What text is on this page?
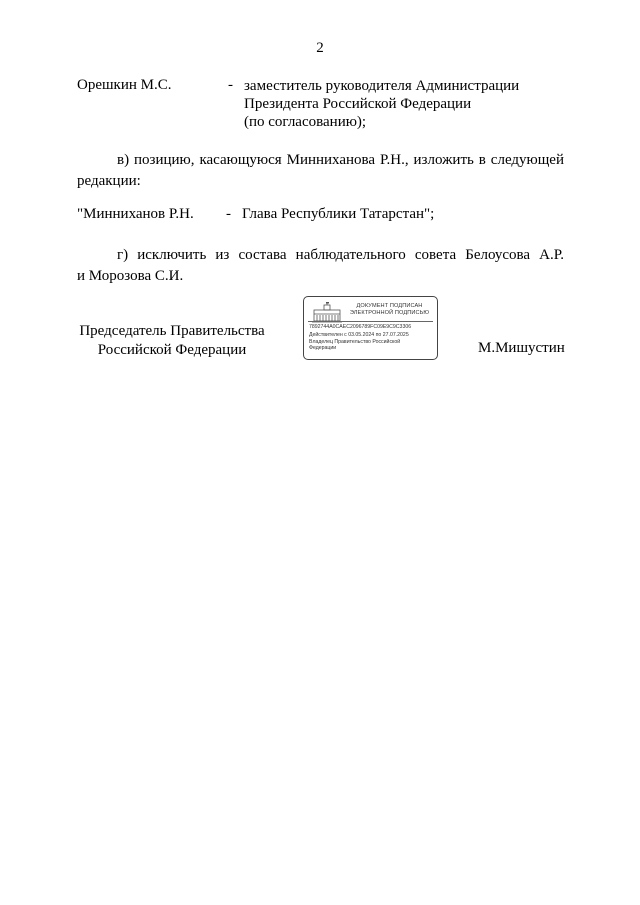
2
Орешкин М.С.	- заместитель руководителя Администрации
Президента Российской Федерации
(по согласованию);
в) позицию, касающуюся Минниханова Р.Н., изложить в следующей
редакции:
"Минниханов Р.Н. - Глава Республики Татарстан";
г) исключить из состава наблюдательного совета Белоусова А.Р.
и Морозова С.И.
Председатель Правительства
Российской Федерации
ДОКУМЕНТ ПОДПИСАН
ЭЛЕКТРОННОЙ ПОДПИСЬЮ
7892744A0CAEC2096789FC09E9C9C3306
Действителен с 03.05.2024 по 27.07.2025
Владелец Правительство Российской
Федерации	М.Мишустин
